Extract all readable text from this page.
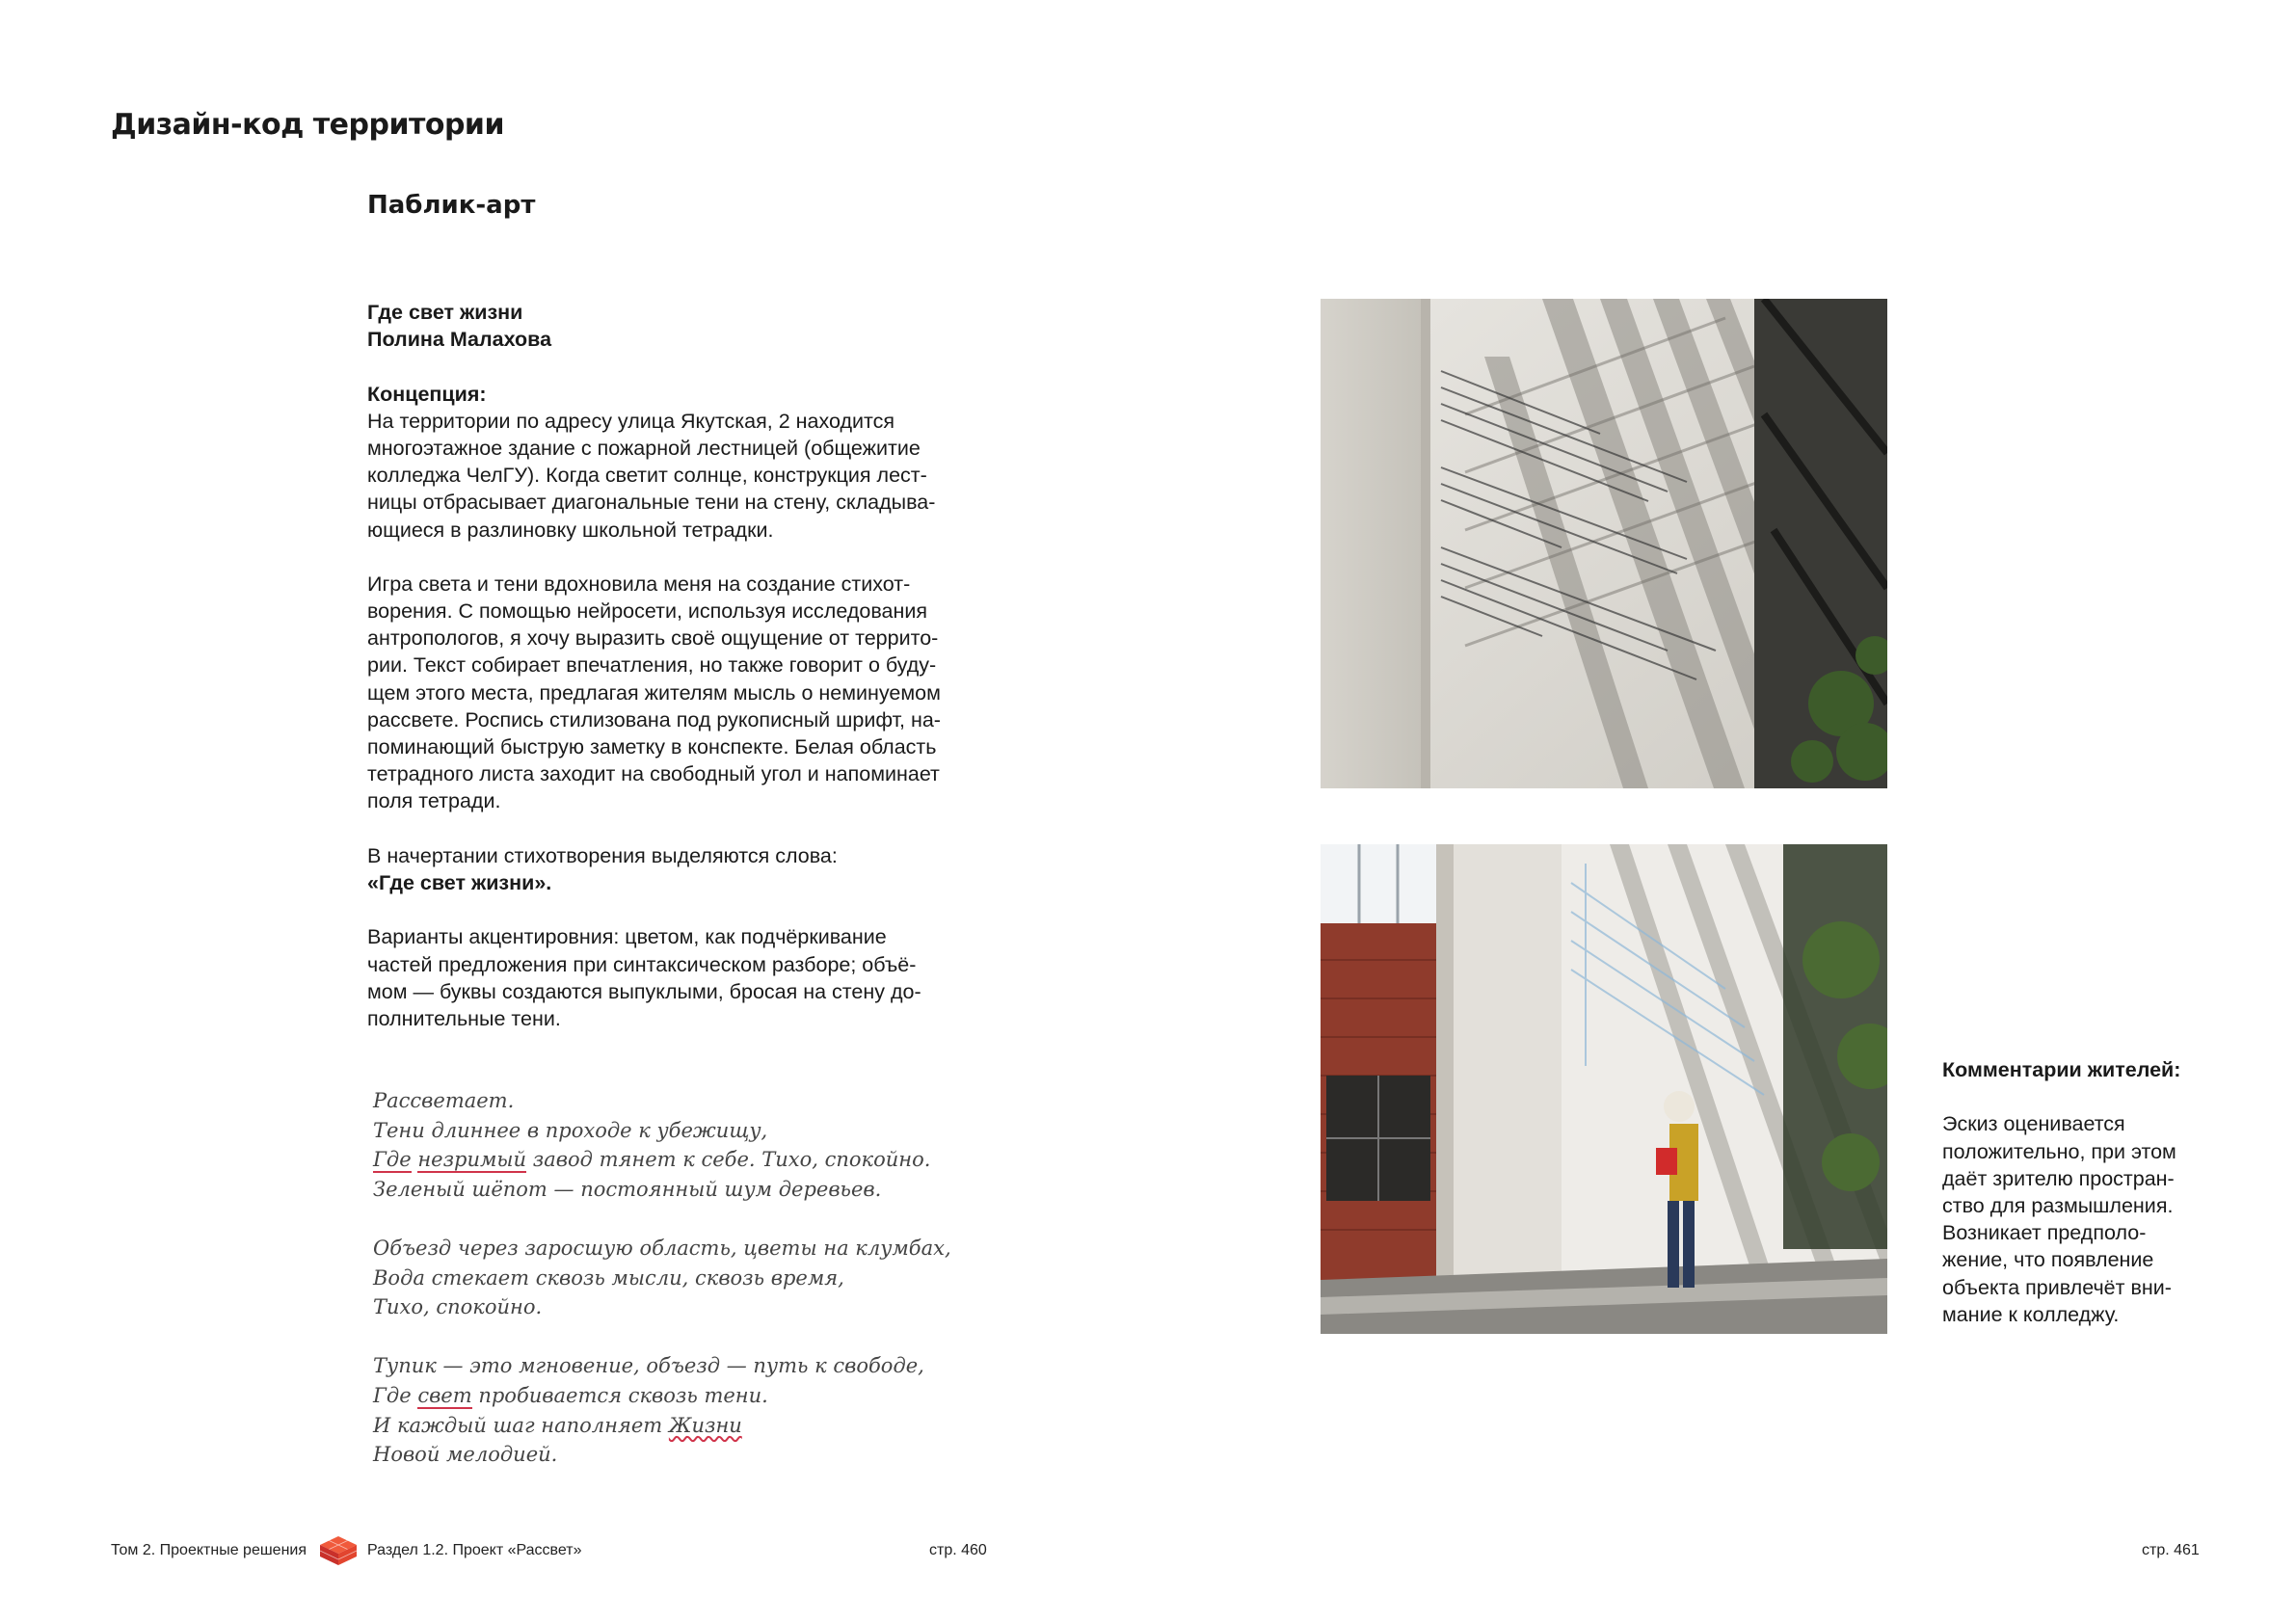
Дизайн-код территории
Паблик-арт
Где свет жизни
Полина Малахова
Концепция:
На территории по адресу улица Якутская, 2 находится
многоэтажное здание с пожарной лестницей (общежитие
колледжа ЧелГУ). Когда светит солнце, конструкция лест-
ницы отбрасывает диагональные тени на стену, складыва-
ющиеся в разлиновку школьной тетрадки.
Игра света и тени вдохновила меня на создание стихот-
ворения. С помощью нейросети, используя исследования
антропологов, я хочу выразить своё ощущение от террито-
рии. Текст собирает впечатления, но также говорит о буду-
щем этого места, предлагая жителям мысль о неминуемом
рассвете. Роспись стилизована под рукописный шрифт, на-
поминающий быструю заметку в конспекте. Белая область
тетрадного листа заходит на свободный угол и напоминает
поля тетради.
В начертании стихотворения выделяются слова:
«Где свет жизни».
Варианты акцентировния: цветом, как подчёркивание
частей предложения при синтаксическом разборе; объё-
мом — буквы создаются выпуклыми, бросая на стену до-
полнительные тени.
Рассветает.
Тени длиннее в проходе к убежищу,
Где незримый завод тянет к себе. Тихо, спокойно.
Зеленый шёпот — постоянный шум деревьев.
Объезд через заросшую область, цветы на клумбах,
Вода стекает сквозь мысли, сквозь время,
Тихо, спокойно.
Тупик — это мгновение, объезд — путь к свободе,
Где свет пробивается сквозь тени.
И каждый шаг наполняет Жизни
Новой мелодией.
Комментарии жителей:
Эскиз оценивается
положительно, при этом
даёт зрителю простран-
ство для размышления.
Возникает предполо-
жение, что появление
объекта привлечёт вни-
мание к колледжу.
Том 2. Проектные решения	Раздел 1.2. Проект «Рассвет»	стр. 460	стр. 461
